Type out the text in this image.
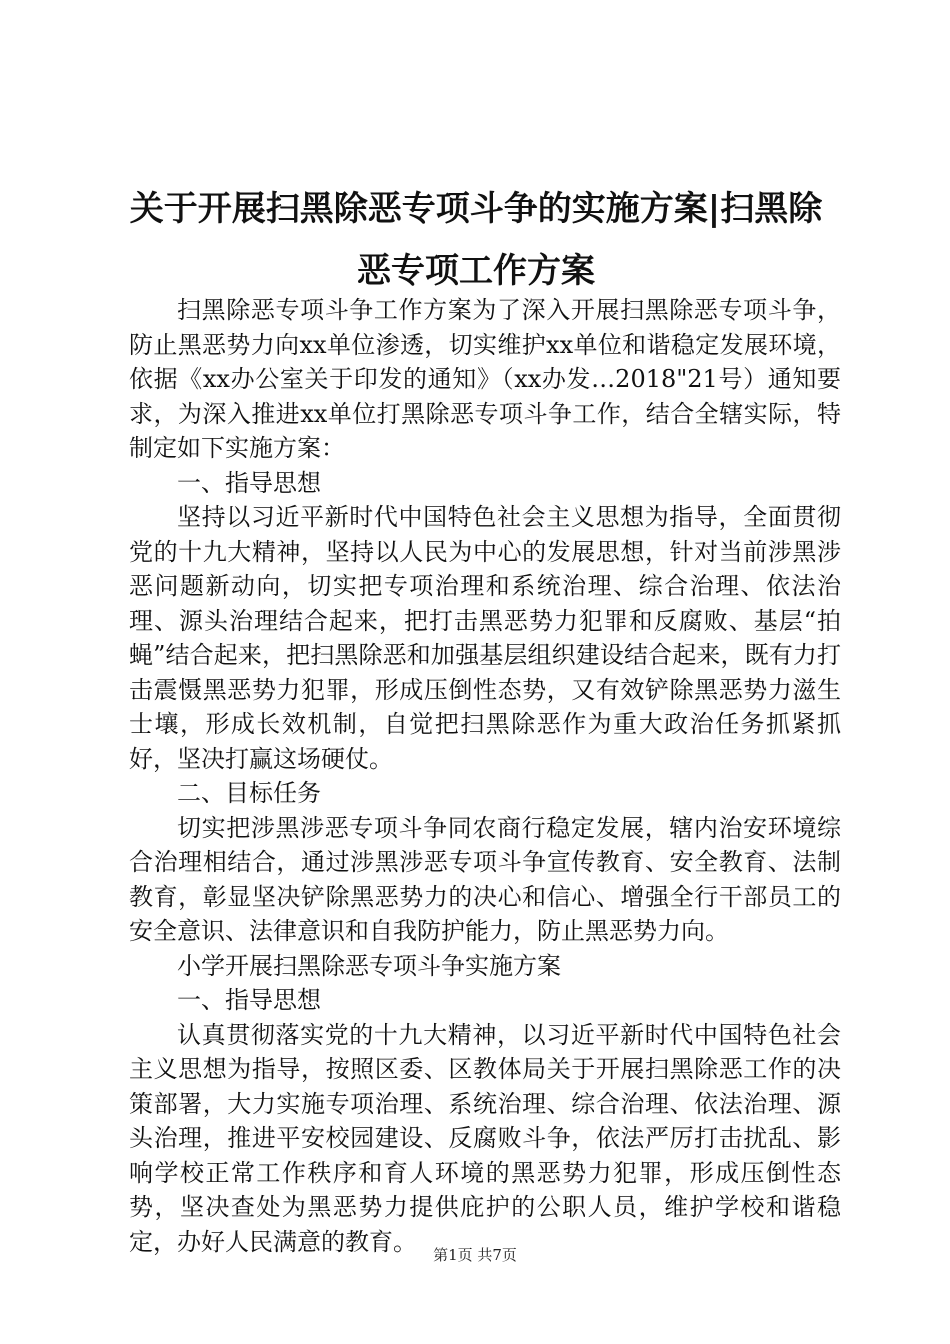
关于开展扫黑除恶专项斗争的实施方案|扫黑除恶专项工作方案

扫黑除恶专项斗争工作方案为了深入开展扫黑除恶专项斗争，防止黑恶势力向xx单位渗透，切实维护xx单位和谐稳定发展环境，依据《xx办公室关于印发的通知》（xx办发…2018"21号）通知要求，为深入推进xx单位打黑除恶专项斗争工作，结合全辖实际，特制定如下实施方案：

一、指导思想

坚持以习近平新时代中国特色社会主义思想为指导，全面贯彻党的十九大精神，坚持以人民为中心的发展思想，针对当前涉黑涉恶问题新动向，切实把专项治理和系统治理、综合治理、依法治理、源头治理结合起来，把打击黑恶势力犯罪和反腐败、基层“拍蝇”结合起来，把扫黑除恶和加强基层组织建设结合起来，既有力打击震慑黑恶势力犯罪，形成压倒性态势，又有效铲除黑恶势力滋生士壤，形成长效机制，自觉把扫黑除恶作为重大政治任务抓紧抓好，坚决打赢这场硬仗。

二、目标任务

切实把涉黑涉恶专项斗争同农商行稳定发展，辖内治安环境综合治理相结合，通过涉黑涉恶专项斗争宣传教育、安全教育、法制教育，彰显坚决铲除黑恶势力的决心和信心、增强全行干部员工的安全意识、法律意识和自我防护能力，防止黑恶势力向。

小学开展扫黑除恶专项斗争实施方案

一、指导思想

认真贯彻落实党的十九大精神，以习近平新时代中国特色社会主义思想为指导，按照区委、区教体局关于开展扫黑除恶工作的决策部署，大力实施专项治理、系统治理、综合治理、依法治理、源头治理，推进平安校园建设、反腐败斗争，依法严厉打击扰乱、影响学校正常工作秩序和育人环境的黑恶势力犯罪，形成压倒性态势，坚决查处为黑恶势力提供庇护的公职人员，维护学校和谐稳定，办好人民满意的教育。	第1页 共7页
